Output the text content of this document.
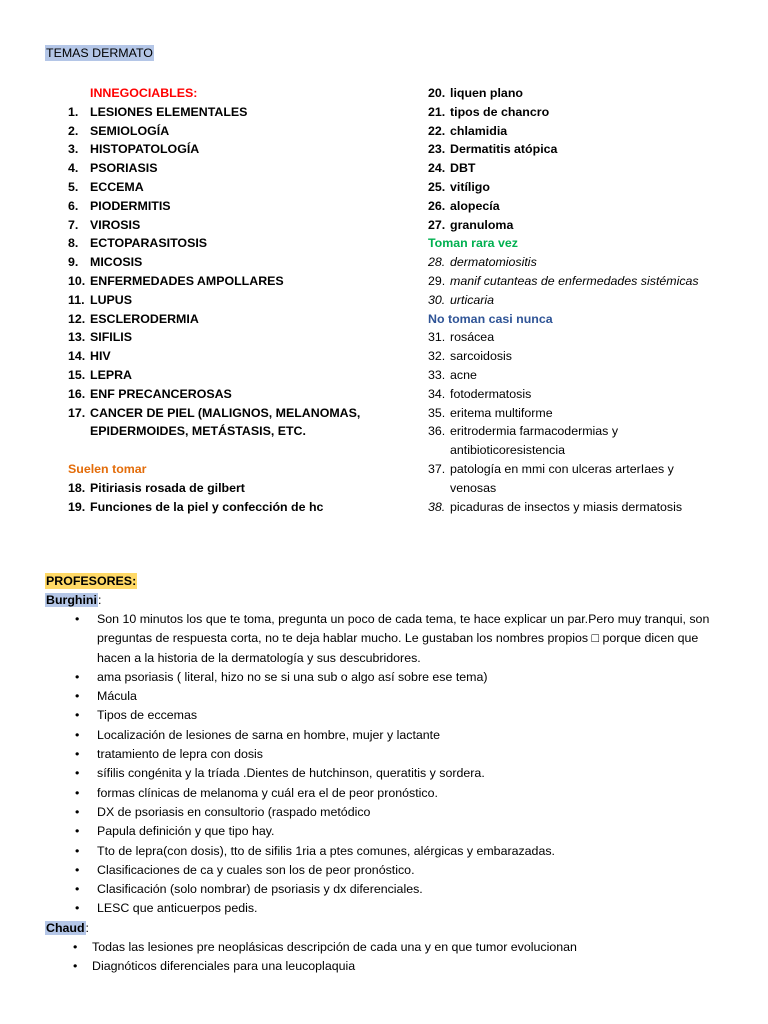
TEMAS DERMATO
INNEGOCIABLES:
1. LESIONES ELEMENTALES
2. SEMIOLOGÍA
3. HISTOPATOLOGÍA
4. PSORIASIS
5. ECCEMA
6. PIODERMITIS
7. VIROSIS
8. ECTOPARASITOSIS
9. MICOSIS
10. ENFERMEDADES AMPOLLARES
11. LUPUS
12. ESCLERODERMIA
13. SIFILIS
14. HIV
15. LEPRA
16. ENF PRECANCEROSAS
17. CANCER DE PIEL (MALIGNOS, MELANOMAS,
EPIDERMOIDES, METÁSTASIS, ETC.
Suelen tomar
18. Pitiriasis rosada de gilbert
19. Funciones de la piel y confección de hc
20. liquen plano
21. tipos de chancro
22. chlamidia
23. Dermatitis atópica
24. DBT
25. vitíligo
26. alopecía
27. granuloma
Toman rara vez
28. dermatomiositis
29. manif cutanteas de enfermedades sistémicas
30. urticaria
No toman casi nunca
31. rosácea
32. sarcoidosis
33. acne
34. fotodermatosis
35. eritema multiforme
36. eritrodermia farmacodermias y antibioticoresistencia
37. patología en mmi con ulceras arterIaes y venosas
38. picaduras de insectos y miasis dermatosis
PROFESORES:
Burghini:
• Son 10 minutos los que te toma, pregunta un poco de cada tema, te hace explicar un par.Pero muy tranqui, son preguntas de respuesta corta, no te deja hablar mucho. Le gustaban los nombres propios □ porque dicen que hacen a la historia de la dermatología y sus descubridores.
• ama psoriasis ( literal, hizo no se si una sub o algo así sobre ese tema)
• Mácula
• Tipos de eccemas
• Localización de lesiones de sarna en hombre, mujer y lactante
• tratamiento de lepra con dosis
• sífilis congénita y la tríada .Dientes de hutchinson, queratitis y sordera.
• formas clínicas de melanoma y cuál era el de peor pronóstico.
• DX de psoriasis en consultorio (raspado metódico
• Papula definición y que tipo hay.
• Tto de lepra(con dosis), tto de sifilis 1ria a ptes comunes, alérgicas y embarazadas.
• Clasificaciones de ca y cuales son los de peor pronóstico.
• Clasificación (solo nombrar) de psoriasis y dx diferenciales.
• LESC que anticuerpos pedis.
Chaud:
• Todas las lesiones pre neoplásicas descripción de cada una y en que tumor evolucionan
• Diagnóticos diferenciales para una leucoplaquia
